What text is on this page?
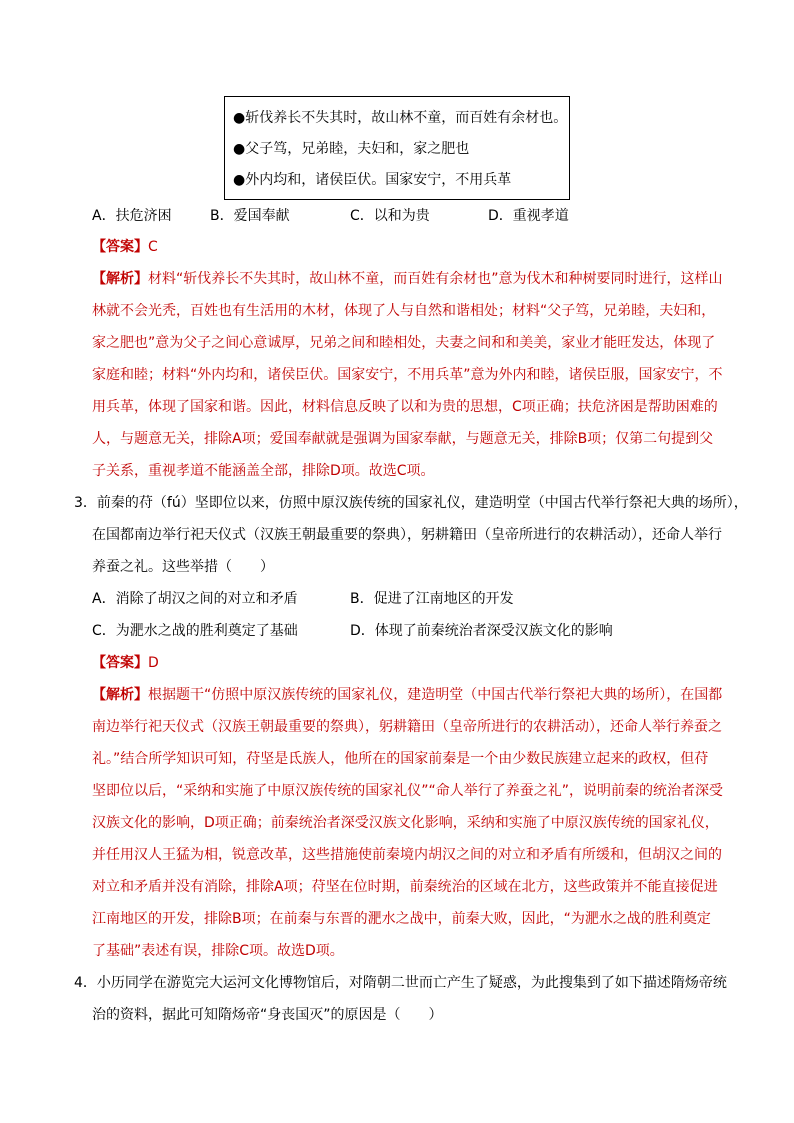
●斩伐养长不失其时，故山林不童，而百姓有余材也。
●父子笃，兄弟睦，夫妇和，家之肥也
●外内均和，诸侯臣伏。国家安宁，不用兵革
A．扶危济困	B．爱国奉献	C．以和为贵	D．重视孝道
【答案】C
【解析】材料“斩伐养长不失其时，故山林不童，而百姓有余材也”意为伐木和种树要同时进行，这样山
林就不会光秃，百姓也有生活用的木材，体现了人与自然和谐相处；材料“父子笃，兄弟睦，夫妇和，
家之肥也”意为父子之间心意诚厚，兄弟之间和睦相处，夫妻之间和和美美，家业才能旺发达，体现了
家庭和睦；材料“外内均和，诸侯臣伏。国家安宁，不用兵革”意为外内和睦，诸侯臣服，国家安宁，不
用兵革，体现了国家和谐。因此，材料信息反映了以和为贵的思想，C项正确；扶危济困是帮助困难的
人，与题意无关，排除A项；爱国奉献就是强调为国家奉献，与题意无关，排除B项；仅第二句提到父
子关系，重视孝道不能涵盖全部，排除D项。故选C项。
3．前秦的苻（fú）坚即位以来，仿照中原汉族传统的国家礼仪，建造明堂（中国古代举行祭祀大典的场所），
在国都南边举行祀天仪式（汉族王朝最重要的祭典），躬耕籍田（皇帝所进行的农耕活动），还命人举行
养蚕之礼。这些举措（　　）
A．消除了胡汉之间的对立和矛盾	B．促进了江南地区的开发
C．为淝水之战的胜利奠定了基础	D．体现了前秦统治者深受汉族文化的影响
【答案】D
【解析】根据题干“仿照中原汉族传统的国家礼仪，建造明堂（中国古代举行祭祀大典的场所），在国都
南边举行祀天仪式（汉族王朝最重要的祭典），躬耕籍田（皇帝所进行的农耕活动），还命人举行养蚕之
礼。”结合所学知识可知，苻坚是氐族人，他所在的国家前秦是一个由少数民族建立起来的政权，但苻
坚即位以后，“采纳和实施了中原汉族传统的国家礼仪”“命人举行了养蚕之礼”，说明前秦的统治者深受
汉族文化的影响，D项正确；前秦统治者深受汉族文化影响，采纳和实施了中原汉族传统的国家礼仪，
并任用汉人王猛为相，锐意改革，这些措施使前秦境内胡汉之间的对立和矛盾有所缓和，但胡汉之间的
对立和矛盾并没有消除，排除A项；苻坚在位时期，前秦统治的区域在北方，这些政策并不能直接促进
江南地区的开发，排除B项；在前秦与东晋的淝水之战中，前秦大败，因此，“为淝水之战的胜利奠定
了基础”表述有误，排除C项。故选D项。
4．小历同学在游览完大运河文化博物馆后，对隋朝二世而亡产生了疑惑，为此搜集到了如下描述隋炀帝统
治的资料，据此可知隋炀帝“身丧国灭”的原因是（　　）
